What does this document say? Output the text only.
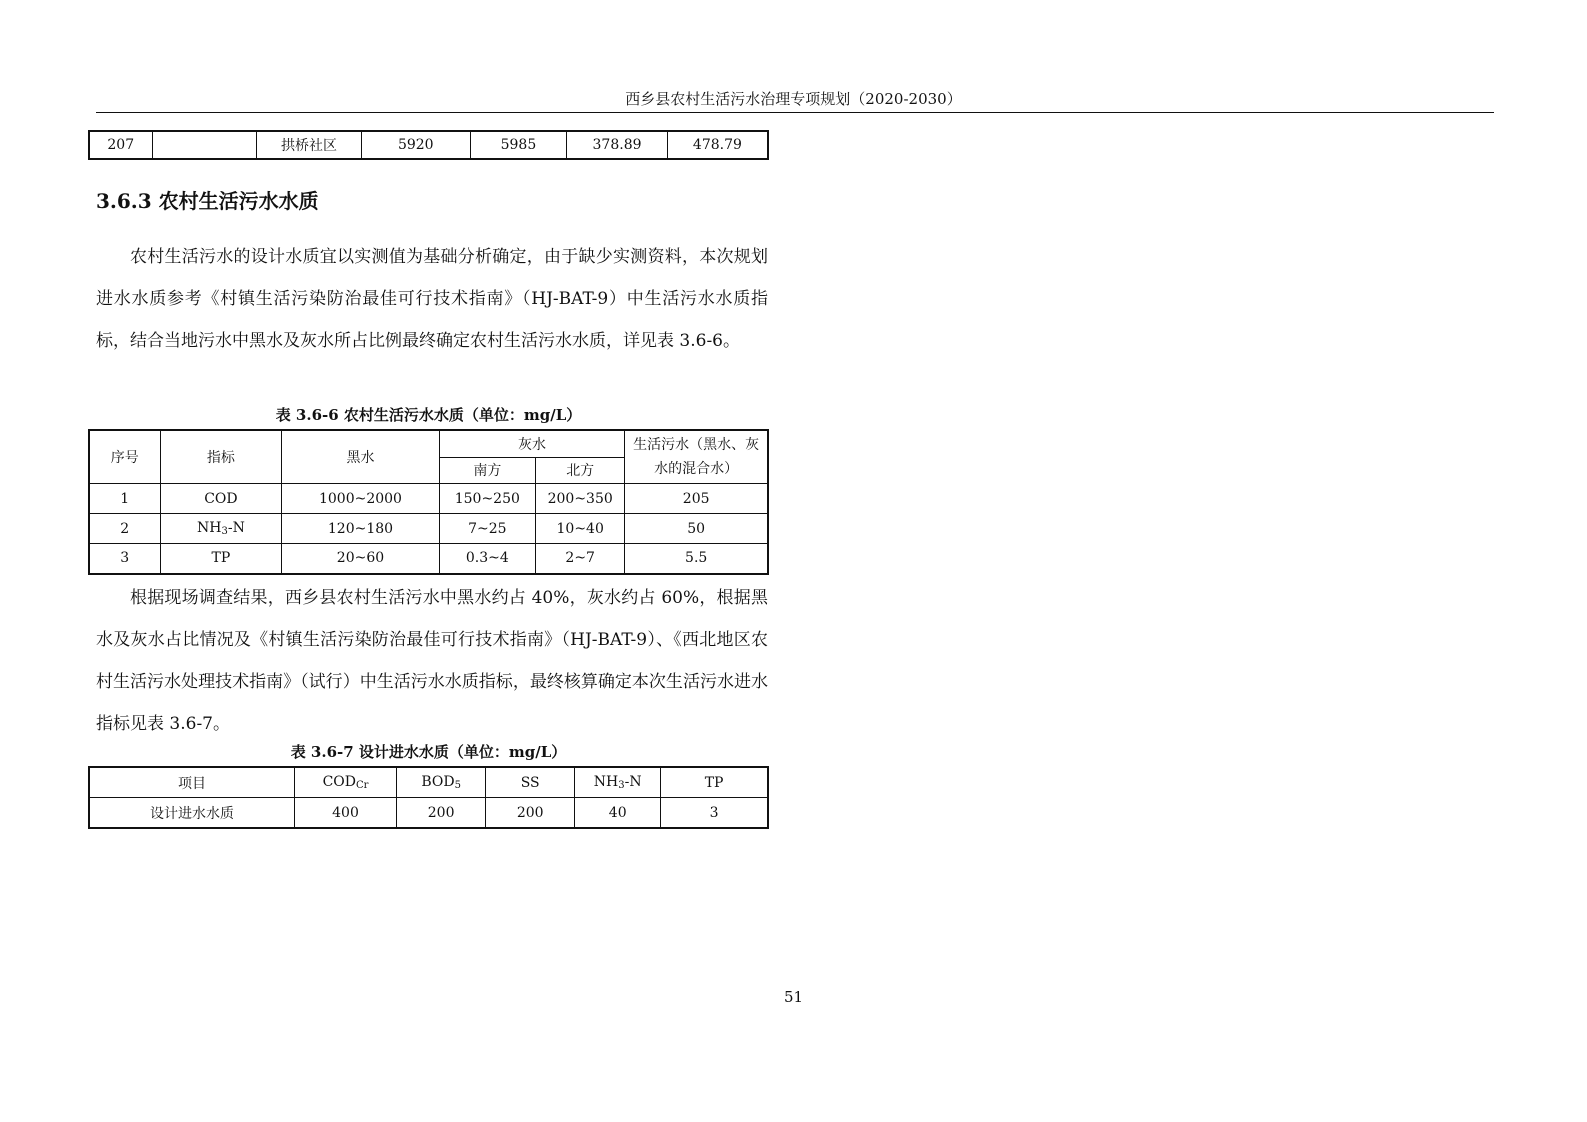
西乡县农村生活污水治理专项规划（2020-2030）
207		拱桥社区	5920	5985	378.89	478.79
3.6.3 农村生活污水水质

农村生活污水的设计水质宜以实测值为基础分析确定，由于缺少实测资料，本次规划进水水质参考《村镇生活污染防治最佳可行技术指南》（HJ-BAT-9）中生活污水水质指标，结合当地污水中黑水及灰水所占比例最终确定农村生活污水水质，详见表 3.6-6。

表 3.6-6 农村生活污水水质（单位：mg/L）
序号	指标	黑水	灰水		生活污水（黑水、灰水的混合水）
			南方	北方	
1	COD	1000~2000	150~250	200~350	205
2	$NH_3-N$	120~180	7~25	10~40	50
3	TP	20~60	0.3~4	2~7	5.5

根据现场调查结果，西乡县农村生活污水中黑水约占 40%，灰水约占 60%，根据黑水及灰水占比情况及《村镇生活污染防治最佳可行技术指南》（HJ-BAT-9）、《西北地区农村生活污水处理技术指南》（试行）中生活污水水质指标，最终核算确定本次生活污水进水指标见表 3.6-7。

表 3.6-7 设计进水水质（单位：mg/L）
项目	$COD_{Cr}$	$BOD_5$	SS	$NH_3-N$	TP
设计进水水质	400	200	200	40	3
51
